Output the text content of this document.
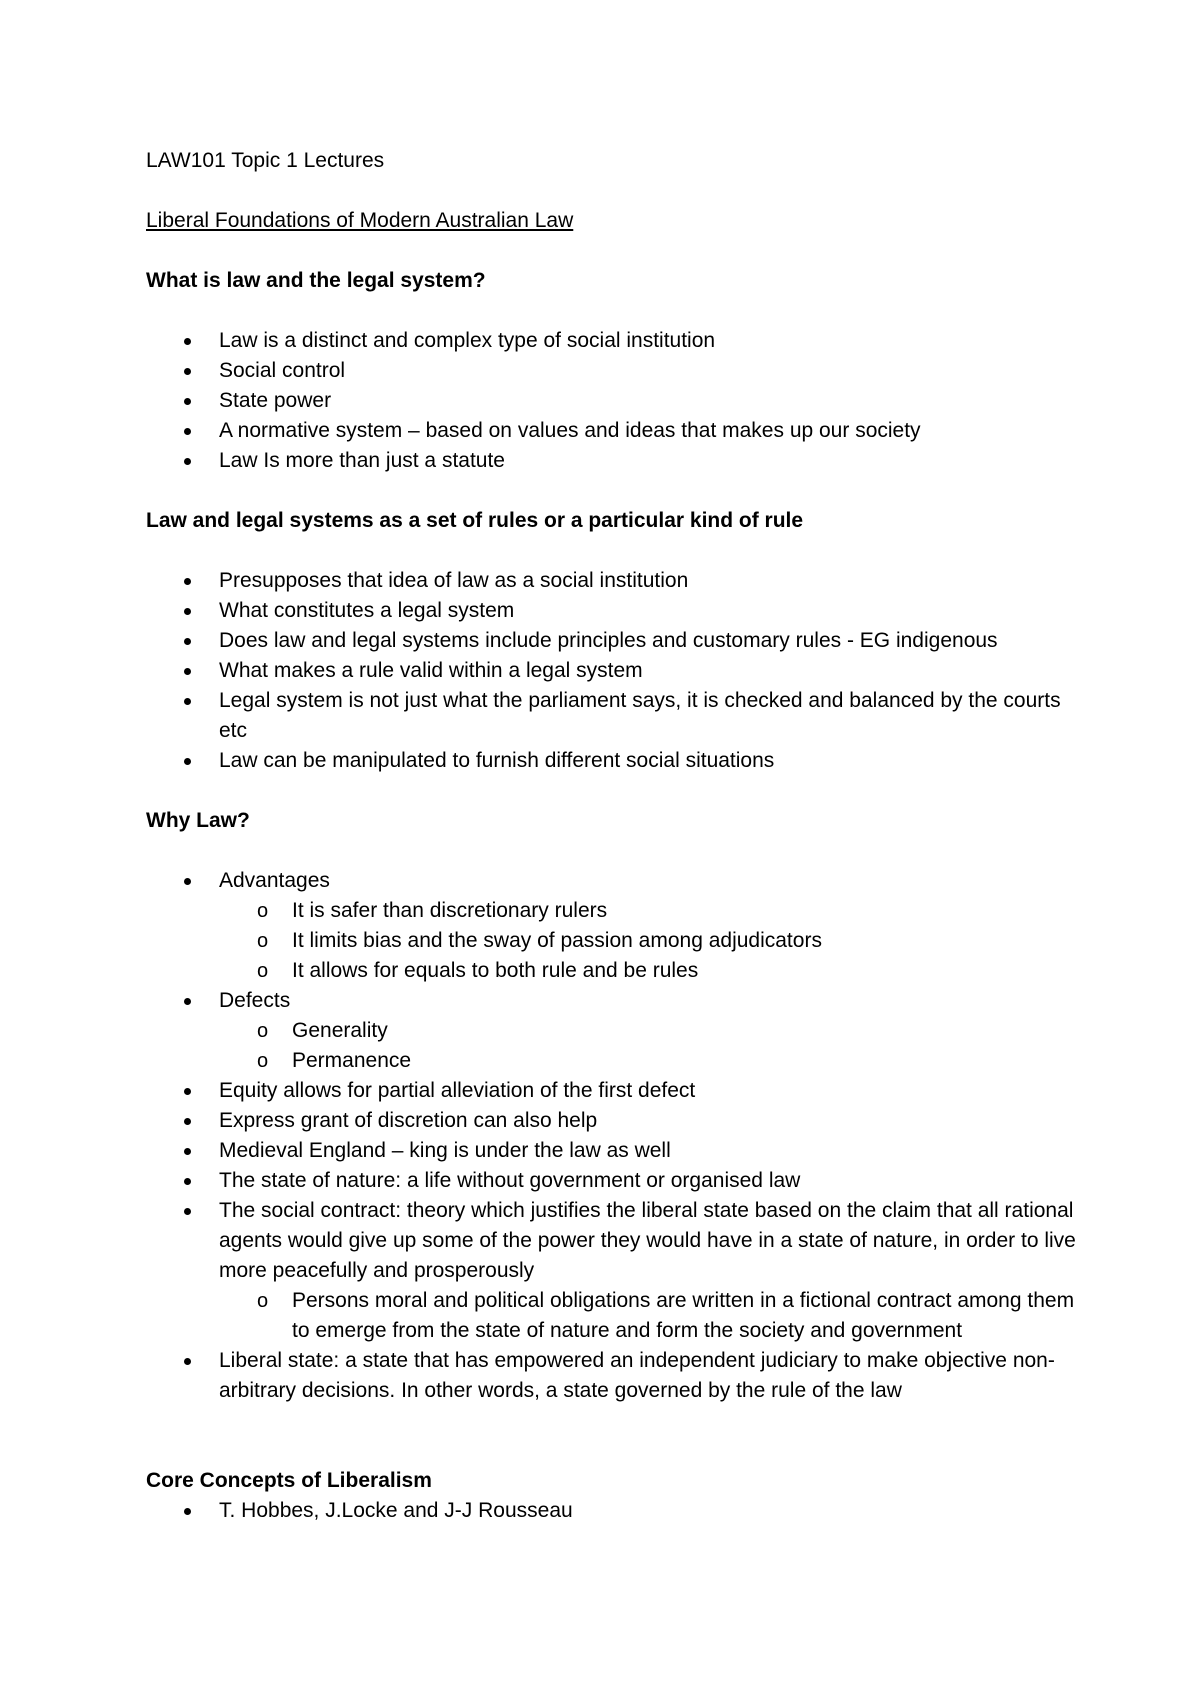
LAW101 Topic 1 Lectures
Liberal Foundations of Modern Australian Law
What is law and the legal system?
Law is a distinct and complex type of social institution
Social control
State power
A normative system – based on values and ideas that makes up our society
Law Is more than just a statute
Law and legal systems as a set of rules or a particular kind of rule
Presupposes that idea of law as a social institution
What constitutes a legal system
Does law and legal systems include principles and customary rules - EG indigenous
What makes a rule valid within a legal system
Legal system is not just what the parliament says, it is checked and balanced by the courts etc
Law can be manipulated to furnish different social situations
Why Law?
Advantages
o It is safer than discretionary rulers
o It limits bias and the sway of passion among adjudicators
o It allows for equals to both rule and be rules
Defects
o Generality
o Permanence
Equity allows for partial alleviation of the first defect
Express grant of discretion can also help
Medieval England – king is under the law as well
The state of nature: a life without government or organised law
The social contract: theory which justifies the liberal state based on the claim that all rational agents would give up some of the power they would have in a state of nature, in order to live more peacefully and prosperously
o Persons moral and political obligations are written in a fictional contract among them to emerge from the state of nature and form the society and government
Liberal state: a state that has empowered an independent judiciary to make objective non-arbitrary decisions. In other words, a state governed by the rule of the law
Core Concepts of Liberalism
T. Hobbes, J.Locke and J-J Rousseau
